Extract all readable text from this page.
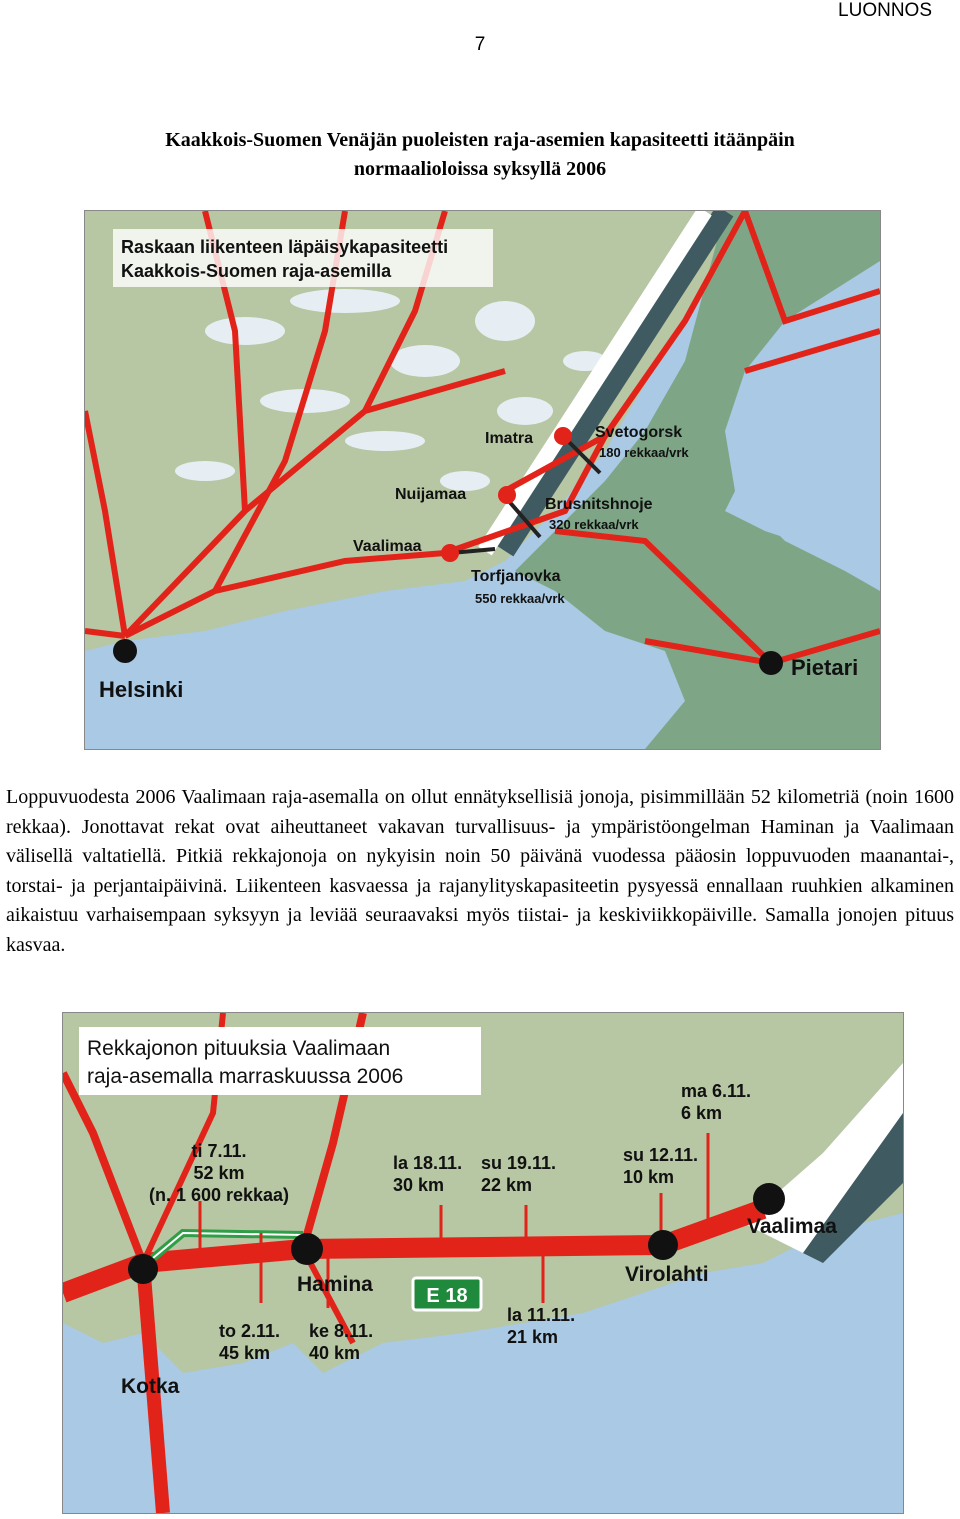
LUONNOS
7
Kaakkois-Suomen Venäjän puoleisten raja-asemien kapasiteetti itäänpäin
normaalioloissa syksyllä 2006
Raskaan liikenteen läpäisykapasiteetti
Kaakkois-Suomen raja-asemilla
Imatra
Nuijamaa
Vaalimaa
Helsinki
Pietari
Svetogorsk
180 rekkaa/vrk
Brusnitshnoje
320 rekkaa/vrk
Torfjanovka
550 rekkaa/vrk
Loppuvuodesta 2006 Vaalimaan raja-asemalla on ollut ennätyksellisiä jonoja, pisimmillään 52 kilometriä (noin 1600 rekkaa). Jonottavat rekat ovat aiheuttaneet vakavan turvallisuus- ja ympäristöongelman Haminan ja Vaalimaan välisellä valtatiellä. Pitkiä rekkajonoja on nykyisin noin 50 päivänä vuodessa pääosin loppuvuoden maanantai-, torstai- ja perjantaipäivinä. Liikenteen kasvaessa ja rajanylityskapasiteetin pysyessä ennallaan ruuhkien alkaminen aikaistuu varhaisempaan syksyyn ja leviää seuraavaksi myös tiistai- ja keskiviikkopäiville. Samalla jonojen pituus kasvaa.
Rekkajonon pituuksia Vaalimaan
raja-asemalla marraskuussa 2006
E 18
Kotka
Hamina	Virolahti
Vaalimaa
ti 7.11.
52 km
(n. 1 600 rekkaa)
to 2.11.
45 km
ke 8.11.
40 km
la 18.11.
30 km
su 19.11.
22 km
la 11.11.
21 km
su 12.11.
10 km
ma 6.11.
6 km
